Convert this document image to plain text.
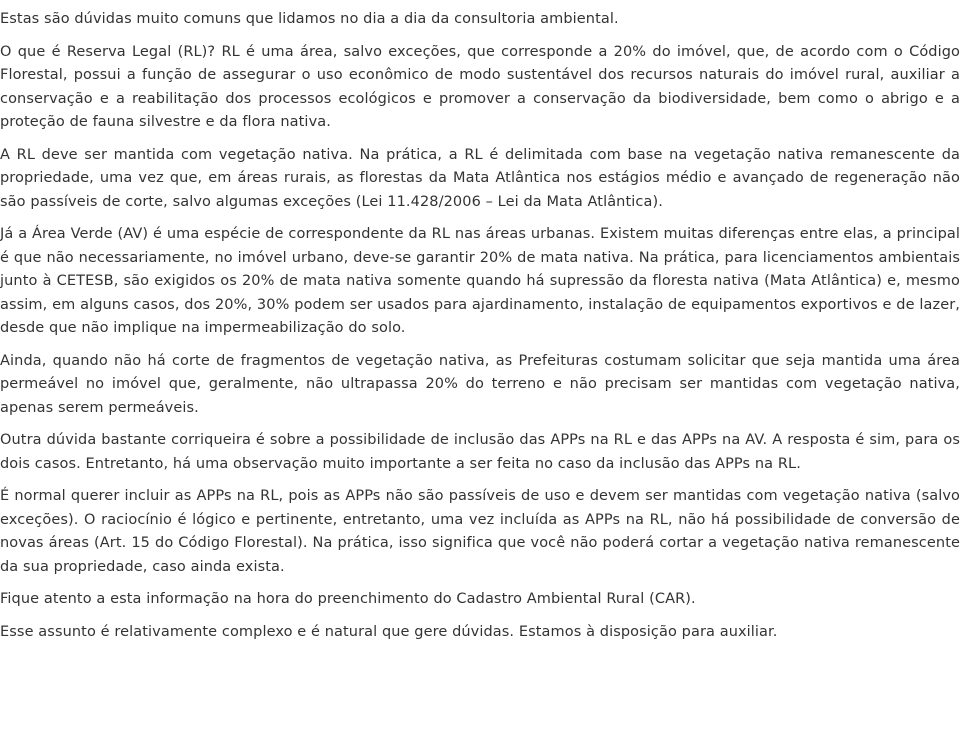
Estas são dúvidas muito comuns que lidamos no dia a dia da consultoria ambiental.

O que é Reserva Legal (RL)? RL é uma área, salvo exceções, que corresponde a 20% do imóvel, que, de acordo com o Código Florestal, possui a função de assegurar o uso econômico de modo sustentável dos recursos naturais do imóvel rural, auxiliar a conservação e a reabilitação dos processos ecológicos e promover a conservação da biodiversidade, bem como o abrigo e a proteção de fauna silvestre e da flora nativa.

A RL deve ser mantida com vegetação nativa. Na prática, a RL é delimitada com base na vegetação nativa remanescente da propriedade, uma vez que, em áreas rurais, as florestas da Mata Atlântica nos estágios médio e avançado de regeneração não são passíveis de corte, salvo algumas exceções (Lei 11.428/2006 – Lei da Mata Atlântica).

Já a Área Verde (AV) é uma espécie de correspondente da RL nas áreas urbanas. Existem muitas diferenças entre elas, a principal é que não necessariamente, no imóvel urbano, deve-se garantir 20% de mata nativa. Na prática, para licenciamentos ambientais junto à CETESB, são exigidos os 20% de mata nativa somente quando há supressão da floresta nativa (Mata Atlântica) e, mesmo assim, em alguns casos, dos 20%, 30% podem ser usados para ajardinamento, instalação de equipamentos exportivos e de lazer, desde que não implique na impermeabilização do solo.

Ainda, quando não há corte de fragmentos de vegetação nativa, as Prefeituras costumam solicitar que seja mantida uma área permeável no imóvel que, geralmente, não ultrapassa 20% do terreno e não precisam ser mantidas com vegetação nativa, apenas serem permeáveis.

Outra dúvida bastante corriqueira é sobre a possibilidade de inclusão das APPs na RL e das APPs na AV. A resposta é sim, para os dois casos. Entretanto, há uma observação muito importante a ser feita no caso da inclusão das APPs na RL.

É normal querer incluir as APPs na RL, pois as APPs não são passíveis de uso e devem ser mantidas com vegetação nativa (salvo exceções). O raciocínio é lógico e pertinente, entretanto, uma vez incluída as APPs na RL, não há possibilidade de conversão de novas áreas (Art. 15 do Código Florestal). Na prática, isso significa que você não poderá cortar a vegetação nativa remanescente da sua propriedade, caso ainda exista.

Fique atento a esta informação na hora do preenchimento do Cadastro Ambiental Rural (CAR).

Esse assunto é relativamente complexo e é natural que gere dúvidas. Estamos à disposição para auxiliar.
